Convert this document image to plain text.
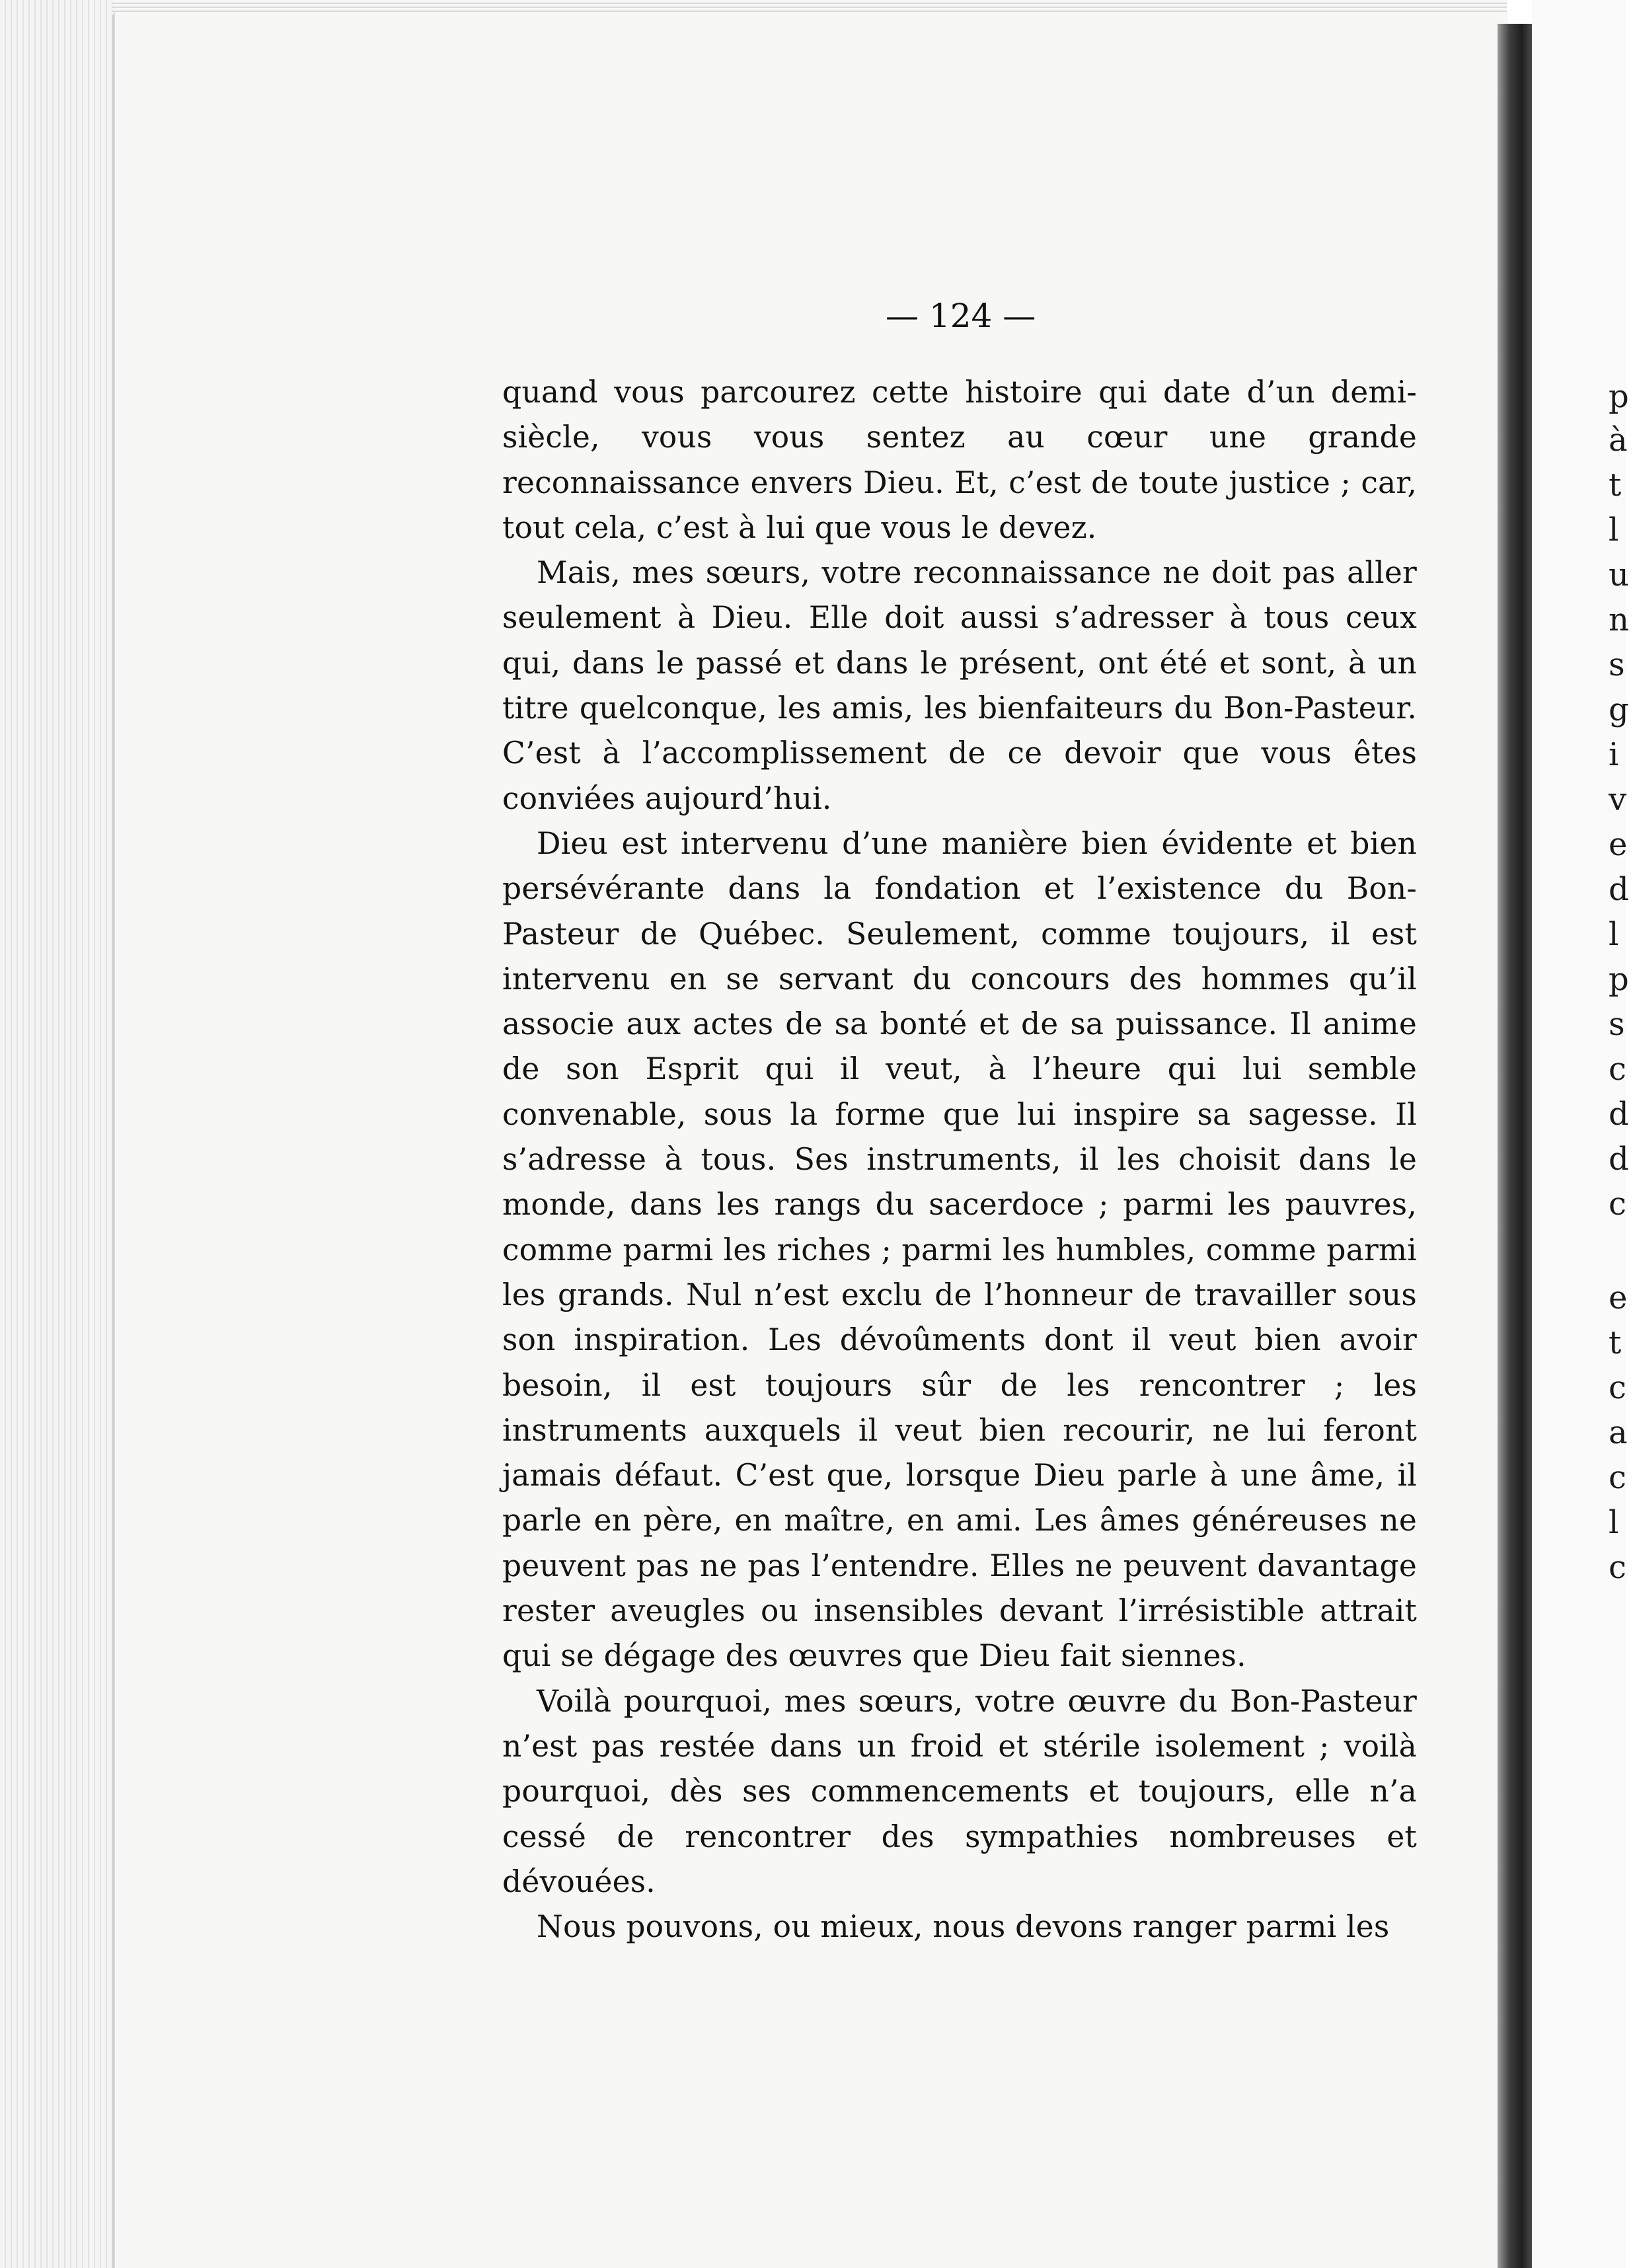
p
à
t
l
u
n
s
g
i
v
e
d
l
p
s
c
d
d
c
e
t
c
a
c
l
c
— 124 —

quand vous parcourez cette histoire qui date d’un demi-siècle, vous vous sentez au cœur une grande reconnaissance envers Dieu. Et, c’est de toute justice ; car, tout cela, c’est à lui que vous le devez.

Mais, mes sœurs, votre reconnaissance ne doit pas aller seulement à Dieu. Elle doit aussi s’adresser à tous ceux qui, dans le passé et dans le présent, ont été et sont, à un titre quelconque, les amis, les bienfaiteurs du Bon-Pasteur. C’est à l’accomplissement de ce devoir que vous êtes conviées aujourd’hui.

Dieu est intervenu d’une manière bien évidente et bien persévérante dans la fondation et l’existence du Bon-Pasteur de Québec. Seulement, comme toujours, il est intervenu en se servant du concours des hommes qu’il associe aux actes de sa bonté et de sa puissance. Il anime de son Esprit qui il veut, à l’heure qui lui semble convenable, sous la forme que lui inspire sa sagesse. Il s’adresse à tous. Ses instruments, il les choisit dans le monde, dans les rangs du sacerdoce ; parmi les pauvres, comme parmi les riches ; parmi les humbles, comme parmi les grands. Nul n’est exclu de l’honneur de travailler sous son inspiration. Les dévoûments dont il veut bien avoir besoin, il est toujours sûr de les rencontrer ; les instruments auxquels il veut bien recourir, ne lui feront jamais défaut. C’est que, lorsque Dieu parle à une âme, il parle en père, en maître, en ami. Les âmes généreuses ne peuvent pas ne pas l’entendre. Elles ne peuvent davantage rester aveugles ou insensibles devant l’irrésistible attrait qui se dégage des œuvres que Dieu fait siennes.

Voilà pourquoi, mes sœurs, votre œuvre du Bon-Pasteur n’est pas restée dans un froid et stérile isolement ; voilà pourquoi, dès ses commencements et toujours, elle n’a cessé de rencontrer des sympathies nombreuses et dévouées.

Nous pouvons, ou mieux, nous devons ranger parmi les
